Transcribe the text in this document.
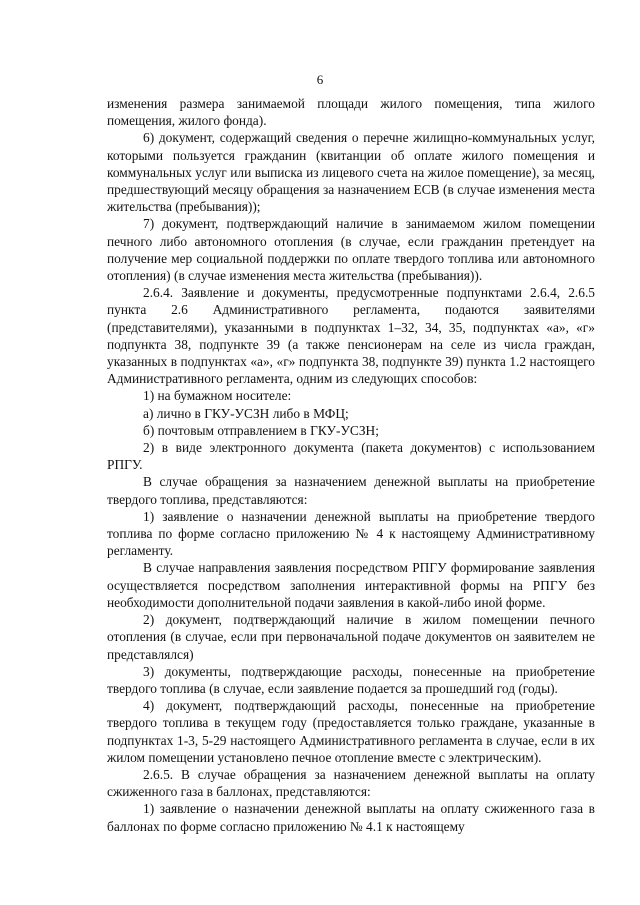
6

изменения размера занимаемой площади жилого помещения, типа жилого помещения, жилого фонда).

6) документ, содержащий сведения о перечне жилищно-коммунальных услуг, которыми пользуется гражданин (квитанции об оплате жилого помещения и коммунальных услуг или выписка из лицевого счета на жилое помещение), за месяц, предшествующий месяцу обращения за назначением ЕСВ (в случае изменения места жительства (пребывания));

7) документ, подтверждающий наличие в занимаемом жилом помещении печного либо автономного отопления (в случае, если гражданин претендует на получение мер социальной поддержки по оплате твердого топлива или автономного отопления) (в случае изменения места жительства (пребывания)).

2.6.4. Заявление и документы, предусмотренные подпунктами 2.6.4, 2.6.5 пункта 2.6 Административного регламента, подаются заявителями (представителями), указанными в подпунктах 1–32, 34, 35, подпунктах «а», «г» подпункта 38, подпункте 39 (а также пенсионерам на селе из числа граждан, указанных в подпунктах «а», «г» подпункта 38, подпункте 39) пункта 1.2 настоящего Административного регламента, одним из следующих способов:

1) на бумажном носителе:

а) лично в ГКУ-УСЗН либо в МФЦ;

б) почтовым отправлением в ГКУ-УСЗН;

2) в виде электронного документа (пакета документов) с использованием РПГУ.

В случае обращения за назначением денежной выплаты на приобретение твердого топлива, представляются:

1) заявление о назначении денежной выплаты на приобретение твердого топлива по форме согласно приложению № 4 к настоящему Административному регламенту.

В случае направления заявления посредством РПГУ формирование заявления осуществляется посредством заполнения интерактивной формы на РПГУ без необходимости дополнительной подачи заявления в какой-либо иной форме.

2) документ, подтверждающий наличие в жилом помещении печного отопления (в случае, если при первоначальной подаче документов он заявителем не представлялся)

3) документы, подтверждающие расходы, понесенные на приобретение твердого топлива (в случае, если заявление подается за прошедший год (годы).

4) документ, подтверждающий расходы, понесенные на приобретение твердого топлива в текущем году (предоставляется только граждане, указанные в подпунктах 1-3, 5-29 настоящего Административного регламента в случае, если в их жилом помещении установлено печное отопление вместе с электрическим).

2.6.5. В случае обращения за назначением денежной выплаты на оплату сжиженного газа в баллонах, представляются:

1) заявление о назначении денежной выплаты на оплату сжиженного газа в баллонах по форме согласно приложению № 4.1 к настоящему
